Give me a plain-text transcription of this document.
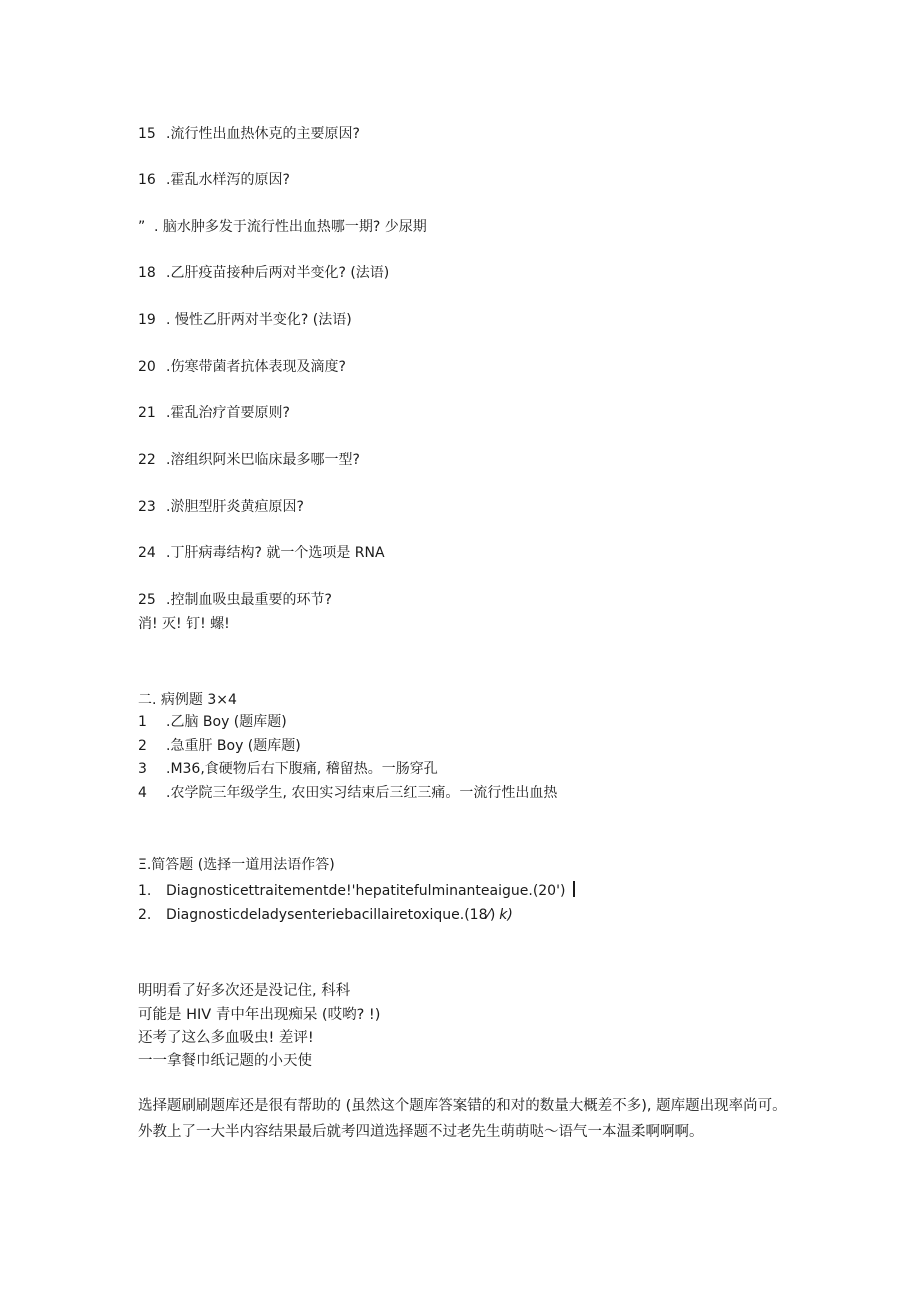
15 .流行性出血热休克的主要原因?
16 .霍乱水样泻的原因?
” . 脑水肿多发于流行性出血热哪一期? 少尿期
18 .乙肝疫苗接种后两对半变化? (法语)
19 . 慢性乙肝两对半变化? (法语)
20 .伤寒带菌者抗体表现及滴度?
21 .霍乱治疗首要原则?
22 .溶组织阿米巴临床最多哪一型?
23 .淤胆型肝炎黄疸原因?
24 .丁肝病毒结构? 就一个选项是 RNA
25 .控制血吸虫最重要的环节?
消! 灭! 钉! 螺!
二. 病例题 3×4
1 .乙脑 Boy (题库题)
2 .急重肝 Boy (题库题)
3 .M36,食硬物后右下腹痛, 稽留热。一肠穿孔
4 .农学院三年级学生, 农田实习结束后三红三痛。一流行性出血热
Ξ.简答题 (选择一道用法语作答)
1. Diagnosticettraitementde!'hepatitefulminanteaigue.(20')
2. Diagnosticdeladysenteriebacillairetoxique.(18⁄) k)
明明看了好多次还是没记住, 科科
可能是 HIV 青中年出现痴呆 (哎哟? !)
还考了这么多血吸虫! 差评!
一一拿餐巾纸记题的小天使
选择题刷刷题库还是很有帮助的 (虽然这个题库答案错的和对的数量大概差不多), 题库题出现率尚可。外教上了一大半内容结果最后就考四道选择题不过老先生萌萌哒～语气一本温柔啊啊啊。
